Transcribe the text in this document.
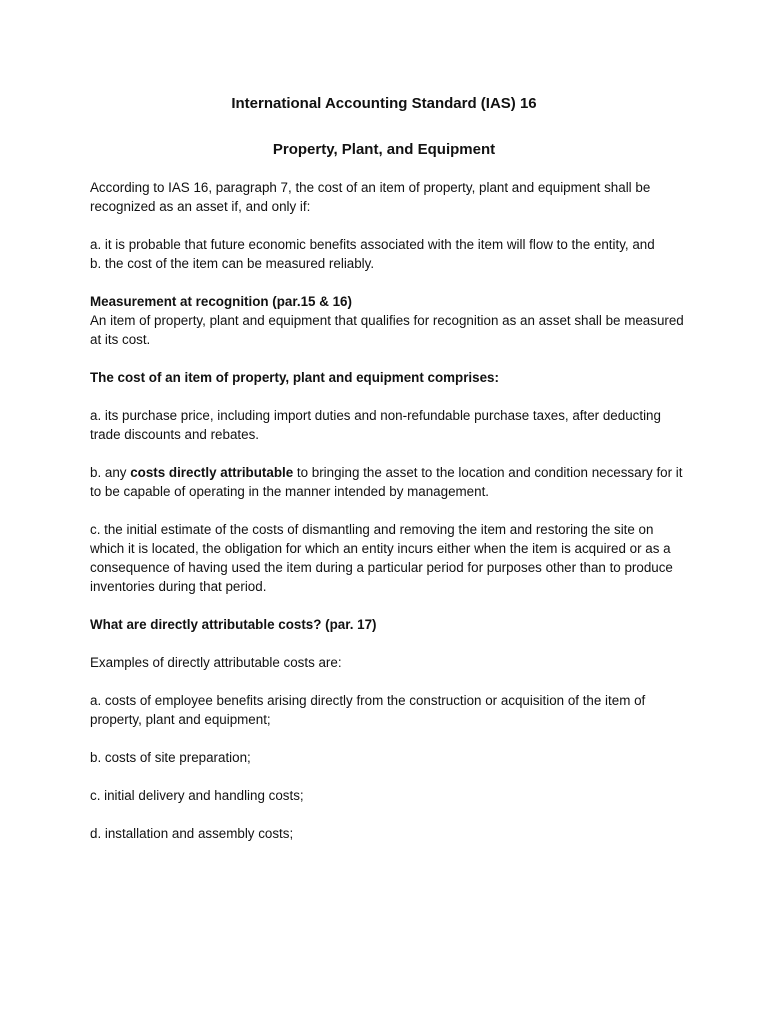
International Accounting Standard (IAS) 16
Property, Plant, and Equipment

According to IAS 16, paragraph 7, the cost of an item of property, plant and equipment shall be recognized as an asset if, and only if:

a. it is probable that future economic benefits associated with the item will flow to the entity, and

b. the cost of the item can be measured reliably.

Measurement at recognition (par.15 & 16)

An item of property, plant and equipment that qualifies for recognition as an asset shall be measured at its cost.

The cost of an item of property, plant and equipment comprises:

a. its purchase price, including import duties and non-refundable purchase taxes, after deducting trade discounts and rebates.

b. any costs directly attributable to bringing the asset to the location and condition necessary for it to be capable of operating in the manner intended by management.

c. the initial estimate of the costs of dismantling and removing the item and restoring the site on which it is located, the obligation for which an entity incurs either when the item is acquired or as a consequence of having used the item during a particular period for purposes other than to produce inventories during that period.

What are directly attributable costs? (par. 17)

Examples of directly attributable costs are:

a. costs of employee benefits arising directly from the construction or acquisition of the item of property, plant and equipment;

b. costs of site preparation;

c. initial delivery and handling costs;

d. installation and assembly costs;
